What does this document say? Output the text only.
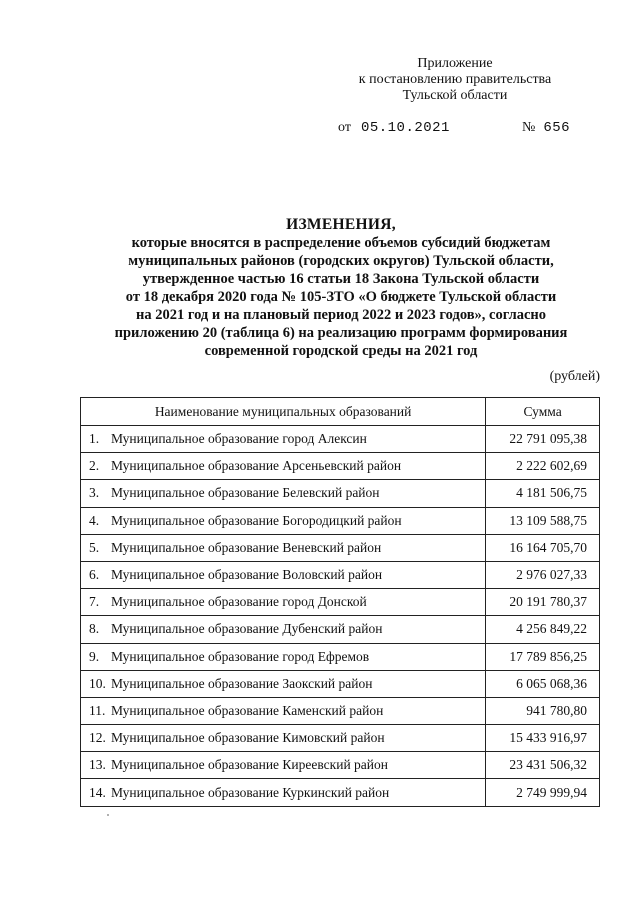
Приложение
к постановлению правительства
Тульской области
от 05.10.2021	№ 656
ИЗМЕНЕНИЯ,
которые вносятся в распределение объемов субсидий бюджетам
муниципальных районов (городских округов) Тульской области,
утвержденное частью 16 статьи 18 Закона Тульской области
от 18 декабря 2020 года № 105-ЗТО «О бюджете Тульской области
на 2021 год и на плановый период 2022 и 2023 годов», согласно
приложению 20 (таблица 6) на реализацию программ формирования
современной городской среды на 2021 год
(рублей)
Наименование муниципальных образований	Сумма
1. Муниципальное образование город Алексин	22 791 095,38
2. Муниципальное образование Арсеньевский район	2 222 602,69
3. Муниципальное образование Белевский район	4 181 506,75
4. Муниципальное образование Богородицкий район	13 109 588,75
5. Муниципальное образование Веневский район	16 164 705,70
6. Муниципальное образование Воловский район	2 976 027,33
7. Муниципальное образование город Донской	20 191 780,37
8. Муниципальное образование Дубенский район	4 256 849,22
9. Муниципальное образование город Ефремов	17 789 856,25
10. Муниципальное образование Заокский район	6 065 068,36
11. Муниципальное образование Каменский район	941 780,80
12. Муниципальное образование Кимовский район	15 433 916,97
13. Муниципальное образование Киреевский район	23 431 506,32
14. Муниципальное образование Куркинский район	2 749 999,94
